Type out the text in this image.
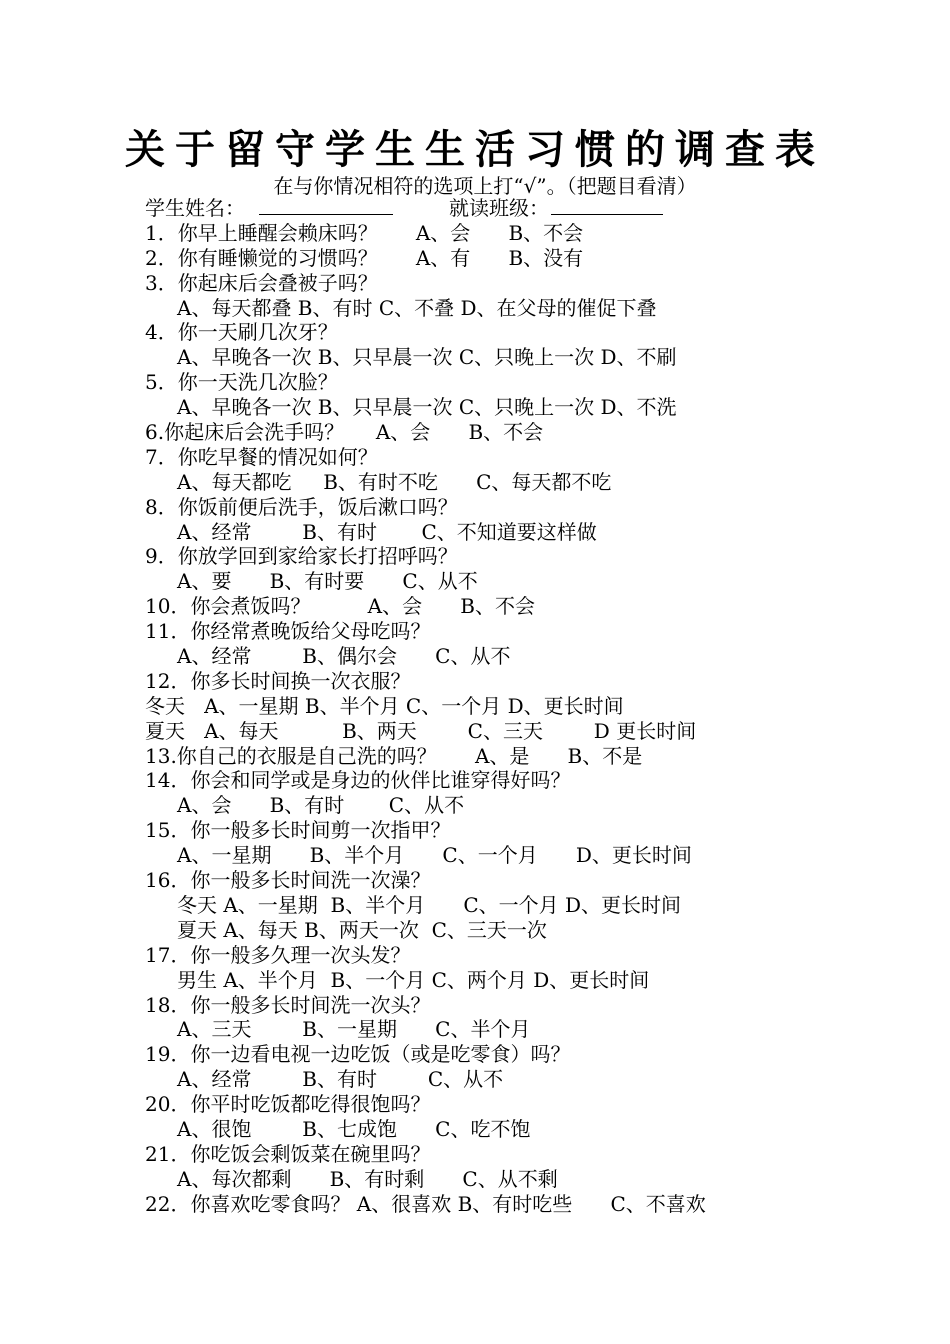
关于留守学生生活习惯的调查表
在与你情况相符的选项上打“√”。（把题目看清）
学生姓名：	就读班级：
1．你早上睡醒会赖床吗？      A、会      B、不会
2．你有睡懒觉的习惯吗？      A、有      B、没有
3．你起床后会叠被子吗？
A、每天都叠 B、有时 C、不叠 D、在父母的催促下叠
4．你一天刷几次牙？
A、早晚各一次 B、只早晨一次 C、只晚上一次 D、不刷
5．你一天洗几次脸？
A、早晚各一次 B、只早晨一次 C、只晚上一次 D、不洗
6.你起床后会洗手吗？     A、会      B、不会
7．你吃早餐的情况如何？
A、每天都吃     B、有时不吃      C、每天都不吃
8．你饭前便后洗手，饭后漱口吗？
A、经常        B、有时       C、不知道要这样做
9．你放学回到家给家长打招呼吗？
A、要      B、有时要      C、从不
10．你会煮饭吗？         A、会      B、不会
11．你经常煮晚饭给父母吃吗？
A、经常        B、偶尔会      C、从不
12．你多长时间换一次衣服？
冬天   A、一星期 B、半个月 C、一个月 D、更长时间
夏天   A、每天          B、两天        C、三天        D 更长时间
13.你自己的衣服是自己洗的吗？      A、是      B、不是
14．你会和同学或是身边的伙伴比谁穿得好吗？
A、会      B、有时       C、从不
15．你一般多长时间剪一次指甲？
A、一星期      B、半个月      C、一个月      D、更长时间
16．你一般多长时间洗一次澡？
冬天 A、一星期  B、半个月      C、一个月 D、更长时间
夏天 A、每天 B、两天一次  C、三天一次
17．你一般多久理一次头发？
男生 A、半个月  B、一个月 C、两个月 D、更长时间
18．你一般多长时间洗一次头？
A、三天        B、一星期      C、半个月
19．你一边看电视一边吃饭（或是吃零食）吗？
A、经常        B、有时        C、从不
20．你平时吃饭都吃得很饱吗？
A、很饱        B、七成饱      C、吃不饱
21．你吃饭会剩饭菜在碗里吗？
A、每次都剩      B、有时剩      C、从不剩
22．你喜欢吃零食吗？ A、很喜欢 B、有时吃些      C、不喜欢
